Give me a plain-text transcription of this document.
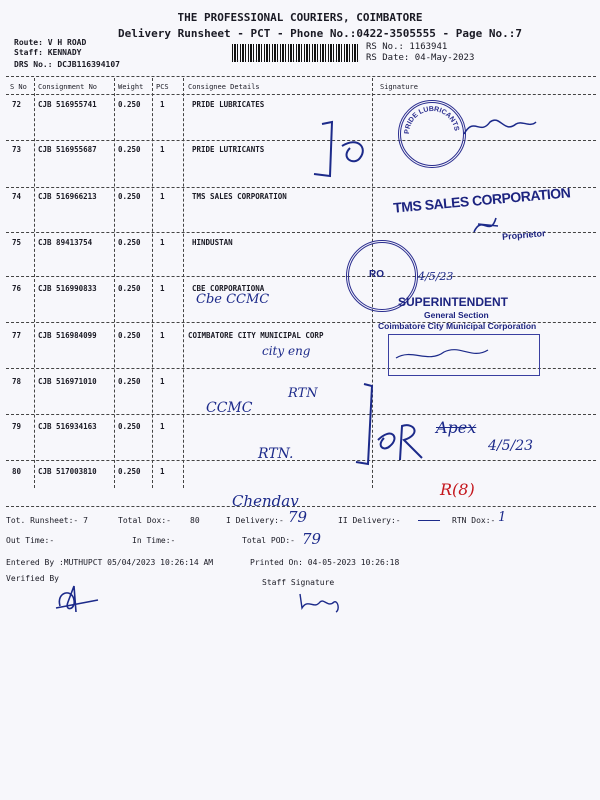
THE PROFESSIONAL COURIERS, COIMBATORE
Delivery Runsheet - PCT - Phone No.:0422-3505555 - Page No.:7
Route: V H ROAD
Staff: KENNADY
DRS No.: DCJB116394107
RS No.: 1163941
RS Date: 04-May-2023
S No Consignment No	Weight PCS	Consignee Details	Signature
72 CJB 516955741	0.250	1	PRIDE LUBRICATES
73 CJB 516955687	0.250	1	PRIDE LUTRICANTS
74 CJB 516966213	0.250	1	TMS SALES CORPORATION
75 CJB 89413754	0.250	1	HINDUSTAN
76 CJB 516990833	0.250	1	CBE CORPORATIONA
77 CJB 516984099	0.250	1	COIMBATORE CITY MUNICIPAL CORP
78 CJB 516971010	0.250	1
79 CJB 516934163	0.250	1
80 CJB 517003810	0.250	1
PRIDE LUBRICANTS
TMS SALES CORPORATION
Proprietor
RO	4/5/23
SUPERINTENDENT
General Section
Coimbatore City Municipal Corporation
Cbe CCMC
city eng
RTN
CCMC
RTN.
Apex
4/5/23
R(8)
Chendav
Tot. Runsheet:- 7	Total Dox:- 80	I Delivery:- 79	II Delivery:-	RTN Dox:- 1
Out Time:-	In Time:-	Total POD:- 79
Entered By :MUTHUPCT 05/04/2023 10:26:14 AM	Printed On: 04-05-2023 10:26:18
Verified By	Staff Signature
